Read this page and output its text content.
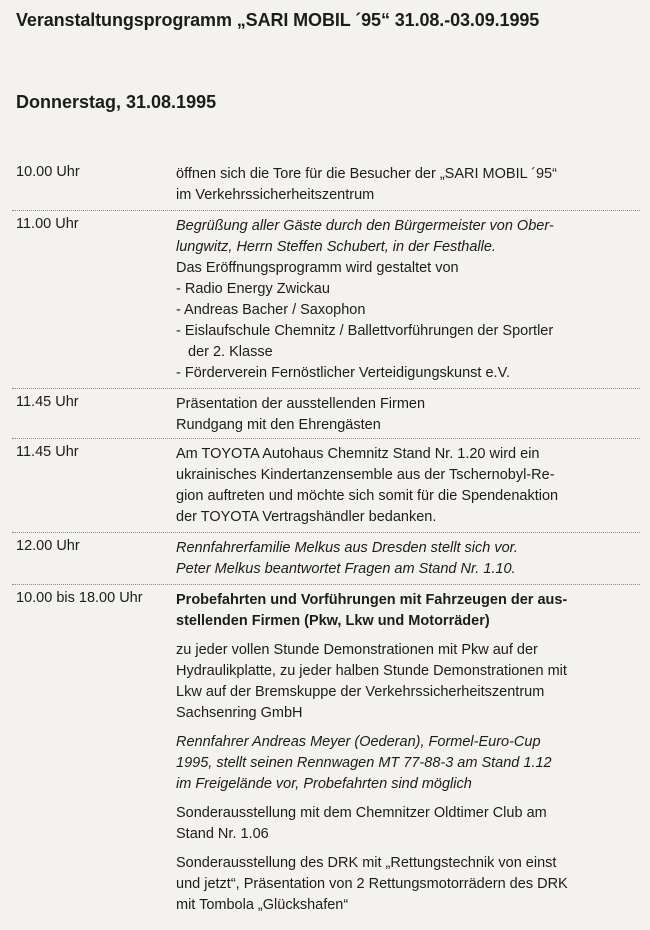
Veranstaltungsprogramm „SARI MOBIL ´95“ 31.08.-03.09.1995
Donnerstag, 31.08.1995
10.00 Uhr	öffnen sich die Tore für die Besucher der „SARI MOBIL ´95“

im Verkehrssicherheitszentrum

11.00 Uhr	Begrüßung aller Gäste durch den Bürgermeister von Ober-

lungwitz, Herrn Steffen Schubert, in der Festhalle.

Das Eröffnungsprogramm wird gestaltet von

- Radio Energy Zwickau
- Andreas Bacher / Saxophon
- Eislaufschule Chemnitz / Ballettvorführungen der Sportler
der 2. Klasse
- Förderverein Fernöstlicher Verteidigungskunst e.V.
11.45 Uhr	Präsentation der ausstellenden Firmen

Rundgang mit den Ehrengästen

11.45 Uhr	Am TOYOTA Autohaus Chemnitz Stand Nr. 1.20 wird ein

ukrainisches Kindertanzensemble aus der Tschernobyl-Re-

gion auftreten und möchte sich somit für die Spendenaktion

der TOYOTA Vertragshändler bedanken.

12.00 Uhr	Rennfahrerfamilie Melkus aus Dresden stellt sich vor.

Peter Melkus beantwortet Fragen am Stand Nr. 1.10.

10.00 bis 18.00 Uhr Probefahrten und Vorführungen mit Fahrzeugen der aus-

stellenden Firmen (Pkw, Lkw und Motorräder)

zu jeder vollen Stunde Demonstrationen mit Pkw auf der

Hydraulikplatte, zu jeder halben Stunde Demonstrationen mit

Lkw auf der Bremskuppe der Verkehrssicherheitszentrum

Sachsenring GmbH

Rennfahrer Andreas Meyer (Oederan), Formel-Euro-Cup

1995, stellt seinen Rennwagen MT 77-88-3 am Stand 1.12

im Freigelände vor, Probefahrten sind möglich

Sonderausstellung mit dem Chemnitzer Oldtimer Club am

Stand Nr. 1.06

Sonderausstellung des DRK mit „Rettungstechnik von einst

und jetzt“, Präsentation von 2 Rettungsmotorrädern des DRK

mit Tombola „Glückshafen“
